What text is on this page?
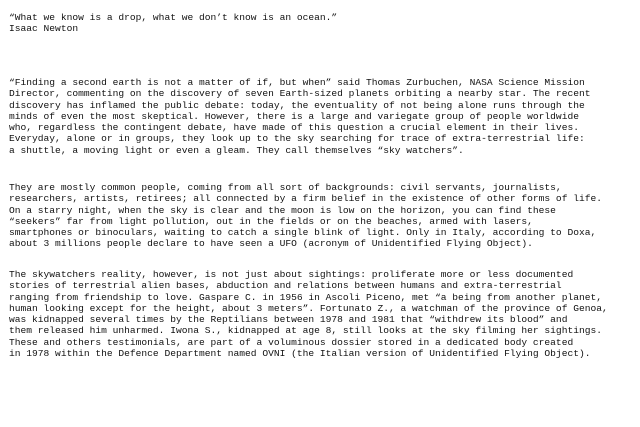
“What we know is a drop, what we don’t know is an ocean.”
Isaac Newton
“Finding a second earth is not a matter of if, but when” said Thomas Zurbuchen, NASA Science Mission
Director, commenting on the discovery of seven Earth-sized planets orbiting a nearby star. The recent
discovery has inflamed the public debate: today, the eventuality of not being alone runs through the
minds of even the most skeptical. However, there is a large and variegate group of people worldwide
who, regardless the contingent debate, have made of this question a crucial element in their lives.
Everyday, alone or in groups, they look up to the sky searching for trace of extra-terrestrial life:
a shuttle, a moving light or even a gleam. They call themselves “sky watchers”.
They are mostly common people, coming from all sort of backgrounds: civil servants, journalists,
researchers, artists, retirees; all connected by a firm belief in the existence of other forms of life.
On a starry night, when the sky is clear and the moon is low on the horizon, you can find these
“seekers” far from light pollution, out in the fields or on the beaches, armed with lasers,
smartphones or binoculars, waiting to catch a single blink of light. Only in Italy, according to Doxa,
about 3 millions people declare to have seen a UFO (acronym of Unidentified Flying Object).
The skywatchers reality, however, is not just about sightings: proliferate more or less documented
stories of terrestrial alien bases, abduction and relations between humans and extra-terrestrial
ranging from friendship to love. Gaspare C. in 1956 in Ascoli Piceno, met “a being from another planet,
human looking except for the height, about 3 meters”. Fortunato Z., a watchman of the province of Genoa,
was kidnapped several times by the Reptilians between 1978 and 1981 that “withdrew its blood” and
them released him unharmed. Iwona S., kidnapped at age 8, still looks at the sky filming her sightings.
These and others testimonials, are part of a voluminous dossier stored in a dedicated body created
in 1978 within the Defence Department named OVNI (the Italian version of Unidentified Flying Object).
